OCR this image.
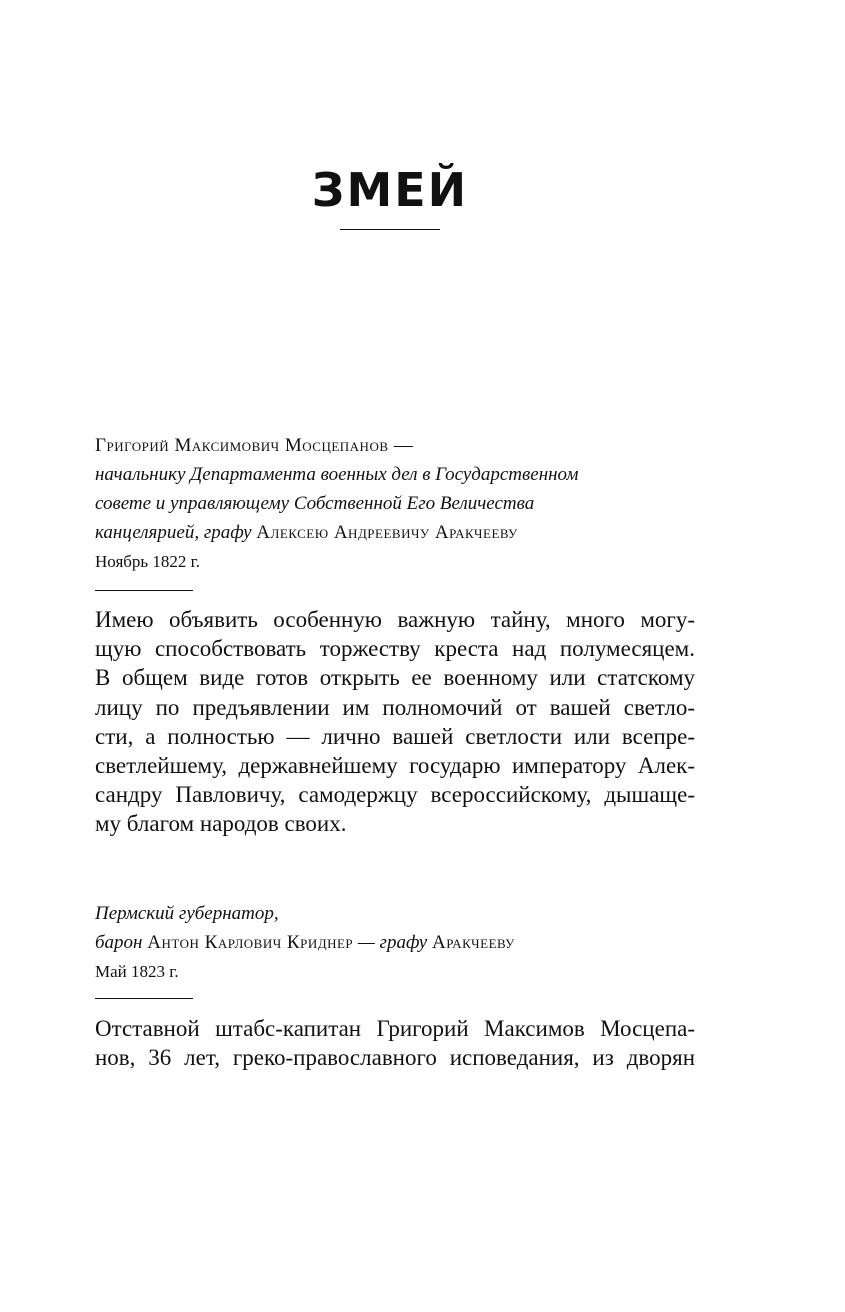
ЗМЕЙ
Григорий Максимович Мосцепанов —
начальнику Департамента военных дел в Государственном
совете и управляющему Собственной Его Величества
канцелярией, графу Алексею Андреевичу Аракчееву
Ноябрь 1822 г.
Имею объявить особенную важную тайну, много могу-
щую способствовать торжеству креста над полумесяцем.
В общем виде готов открыть ее военному или статскому
лицу по предъявлении им полномочий от вашей светло-
сти, а полностью — лично вашей светлости или всепре-
светлейшему, державнейшему государю императору Алек-
сандру Павловичу, самодержцу всероссийскому, дышаще-
му благом народов своих.
Пермский губернатор,
барон Антон Карлович Криднер — графу Аракчееву
Май 1823 г.
Отставной штабс-капитан Григорий Максимов Мосцепа-
нов, 36 лет, греко-православного исповедания, из дворян
